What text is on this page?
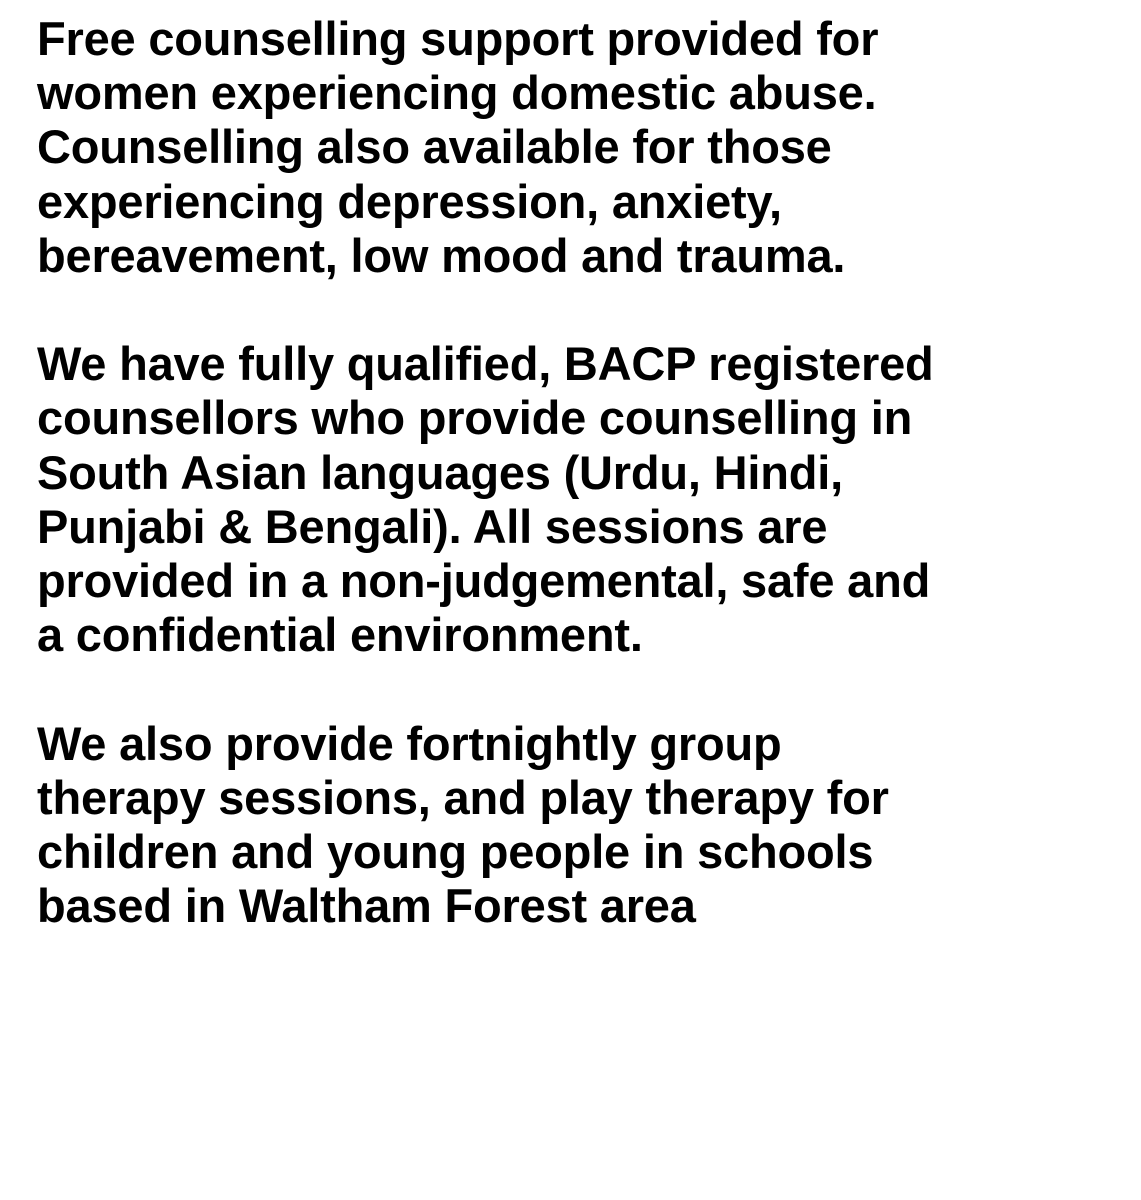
Free counselling support provided for
women experiencing domestic abuse.
Counselling also available for those
experiencing depression, anxiety,
bereavement, low mood and trauma.

We have fully qualified, BACP registered
counsellors who provide counselling in
South Asian languages (Urdu, Hindi,
Punjabi & Bengali). All sessions are
provided in a non-judgemental, safe and
a confidential environment.

We also provide fortnightly group
therapy sessions, and play therapy for
children and young people in schools
based in Waltham Forest area
